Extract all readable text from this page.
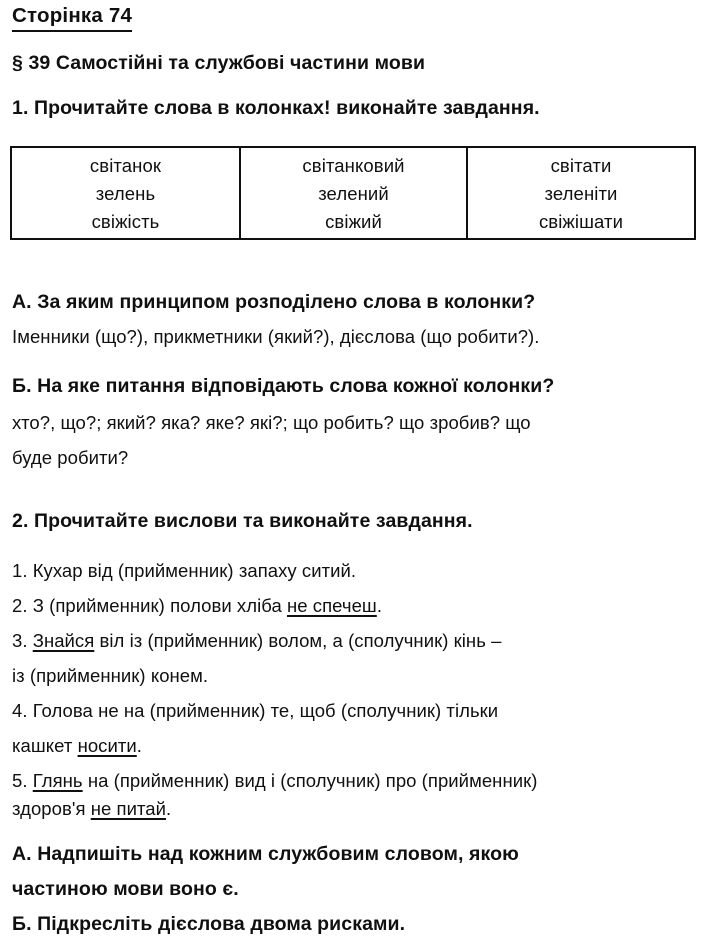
Сторінка 74
§ 39 Самостійні та службові частини мови
1. Прочитайте слова в колонках! виконайте завдання.
світанок
зелень
свіжість
світанковий
зелений
свіжий
світати
зеленіти
свіжішати
А. За яким принципом розподілено слова в колонки?
Іменники (що?), прикметники (який?), дієслова (що робити?).
Б. На яке питання відповідають слова кожної колонки?
хто?, що?; який? яка? яке? які?; що робить? що зробив? що
буде робити?
2. Прочитайте вислови та виконайте завдання.
1. Кухар від (прийменник) запаху ситий.
2. З (прийменник) полови хліба не спечеш.
3. Знайся віл із (прийменник) волом, а (сполучник) кінь –
із (прийменник) конем.
4. Голова не на (прийменник) те, щоб (сполучник) тільки
кашкет носити.
5. Глянь на (прийменник) вид і (сполучник) про (прийменник)
здоров'я не питай.
А. Надпишіть над кожним службовим словом, якою
частиною мови воно є.
Б. Підкресліть дієслова двома рисками.
